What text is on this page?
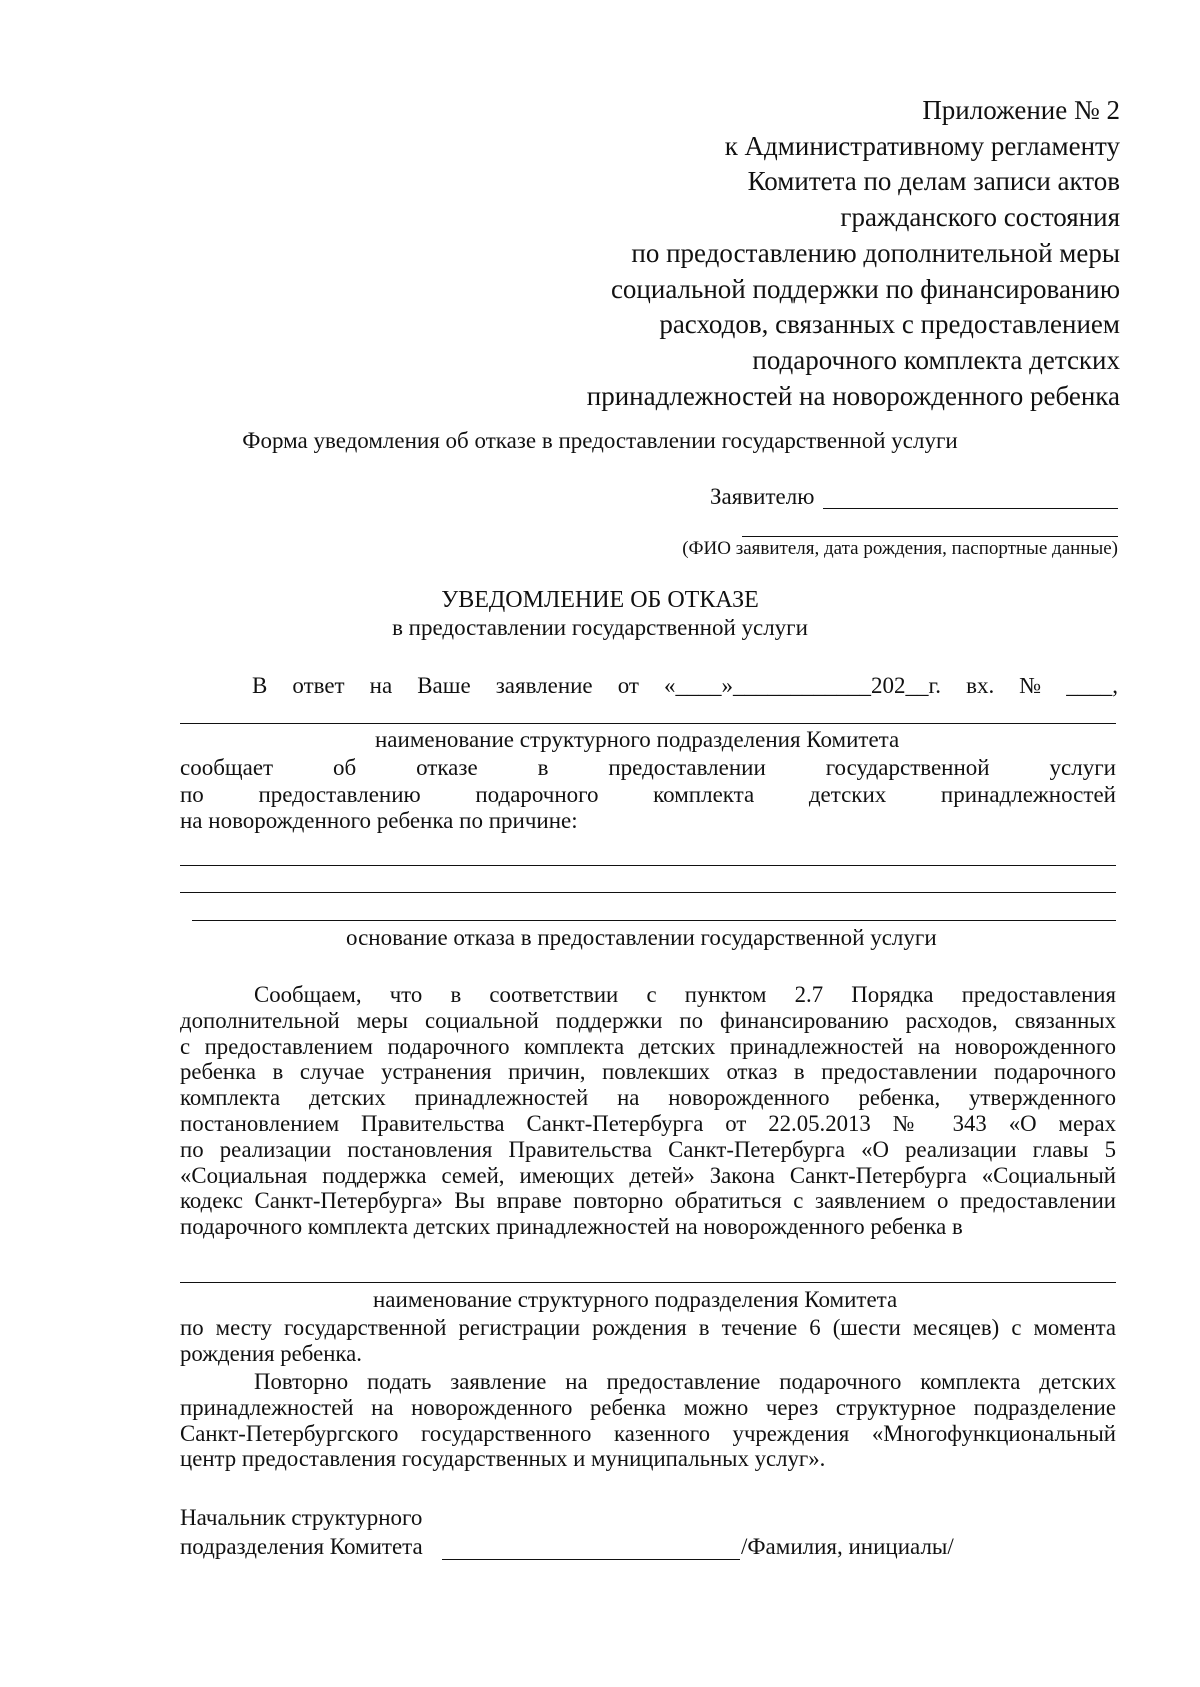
Приложение № 2
к Административному регламенту
Комитета по делам записи актов
гражданского состояния
по предоставлению дополнительной меры
социальной поддержки по финансированию
расходов, связанных с предоставлением
подарочного комплекта детских
принадлежностей на новорожденного ребенка
Форма уведомления об отказе в предоставлении государственной услуги
Заявителю
(ФИО заявителя, дата рождения, паспортные данные)
УВЕДОМЛЕНИЕ ОБ ОТКАЗЕ
в предоставлении государственной услуги
В ответ на Ваше заявление от «____»____________202__г. вх. № ____,
наименование структурного подразделения Комитета
сообщает	об	отказе	в	предоставлении	государственной	услуги
по предоставлению подарочного комплекта детских принадлежностей
на новорожденного ребенка по причине:
основание отказа в предоставлении государственной услуги
Сообщаем, что в соответствии с пунктом 2.7 Порядка предоставления
дополнительной меры социальной поддержки по финансированию расходов, связанных
с предоставлением подарочного комплекта детских принадлежностей на новорожденного
ребенка в случае устранения причин, повлекших отказ в предоставлении подарочного
комплекта детских принадлежностей на новорожденного ребенка, утвержденного
постановлением Правительства Санкт-Петербурга от 22.05.2013 № 343 «О мерах
по реализации постановления Правительства Санкт-Петербурга «О реализации главы 5
«Социальная поддержка семей, имеющих детей» Закона Санкт-Петербурга «Социальный
кодекс Санкт-Петербурга» Вы вправе повторно обратиться с заявлением о предоставлении
подарочного комплекта детских принадлежностей на новорожденного ребенка в
наименование структурного подразделения Комитета
по месту государственной регистрации рождения в течение 6 (шести месяцев) с момента
рождения ребенка.
Повторно подать заявление на предоставление подарочного комплекта детских
принадлежностей на новорожденного ребенка можно через структурное подразделение
Санкт-Петербургского государственного казенного учреждения «Многофункциональный
центр предоставления государственных и муниципальных услуг».
Начальник структурного
подразделения Комитета	/Фамилия, инициалы/
